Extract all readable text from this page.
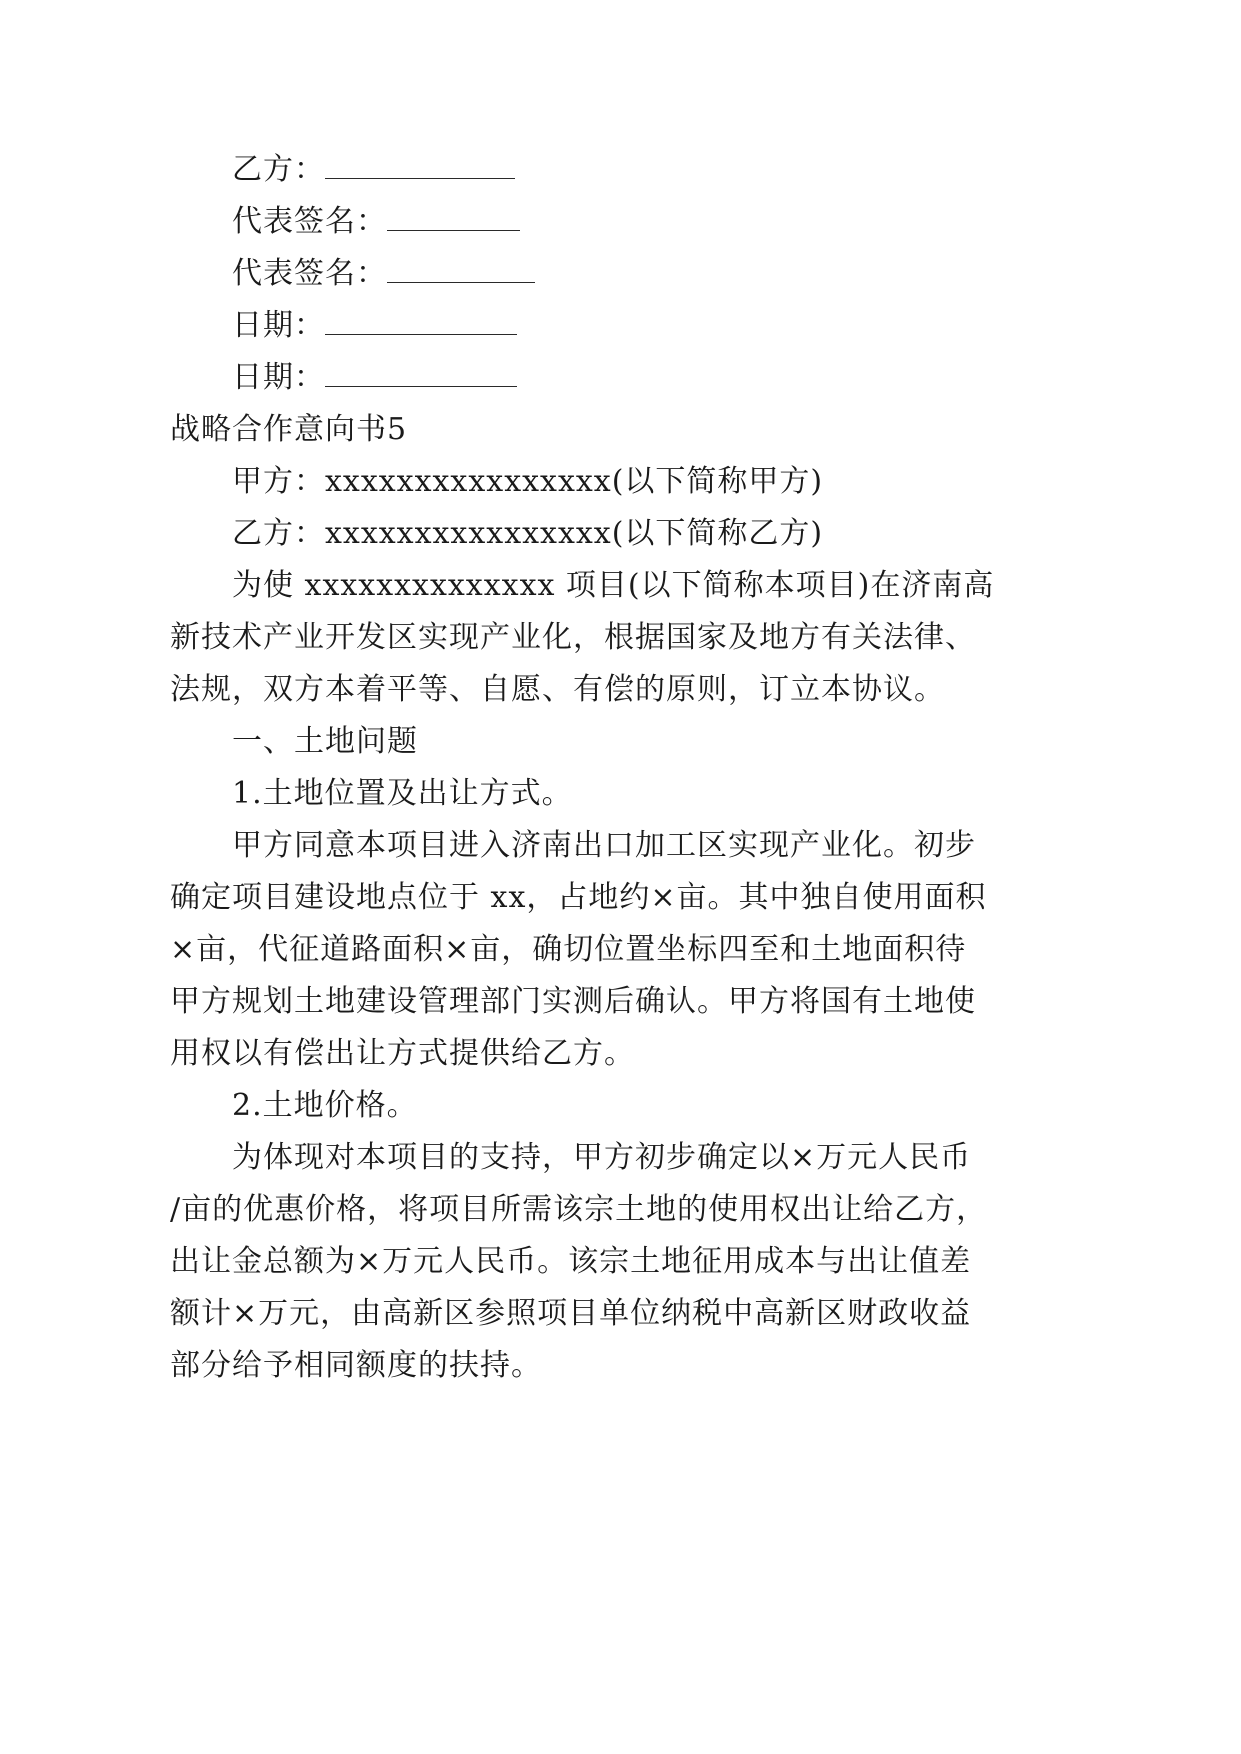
乙方：
代表签名：
代表签名：
日期：
日期：
战略合作意向书5
甲方：xxxxxxxxxxxxxxxx(以下简称甲方)
乙方：xxxxxxxxxxxxxxxx(以下简称乙方)
为使 xxxxxxxxxxxxxx 项目(以下简称本项目)在济南高
新技术产业开发区实现产业化，根据国家及地方有关法律、
法规，双方本着平等、自愿、有偿的原则，订立本协议。
一、土地问题
1.土地位置及出让方式。
甲方同意本项目进入济南出口加工区实现产业化。初步
确定项目建设地点位于 xx，占地约×亩。其中独自使用面积
×亩，代征道路面积×亩，确切位置坐标四至和土地面积待
甲方规划土地建设管理部门实测后确认。甲方将国有土地使
用权以有偿出让方式提供给乙方。
2.土地价格。
为体现对本项目的支持，甲方初步确定以×万元人民币
/亩的优惠价格，将项目所需该宗土地的使用权出让给乙方，
出让金总额为×万元人民币。该宗土地征用成本与出让值差
额计×万元，由高新区参照项目单位纳税中高新区财政收益
部分给予相同额度的扶持。
